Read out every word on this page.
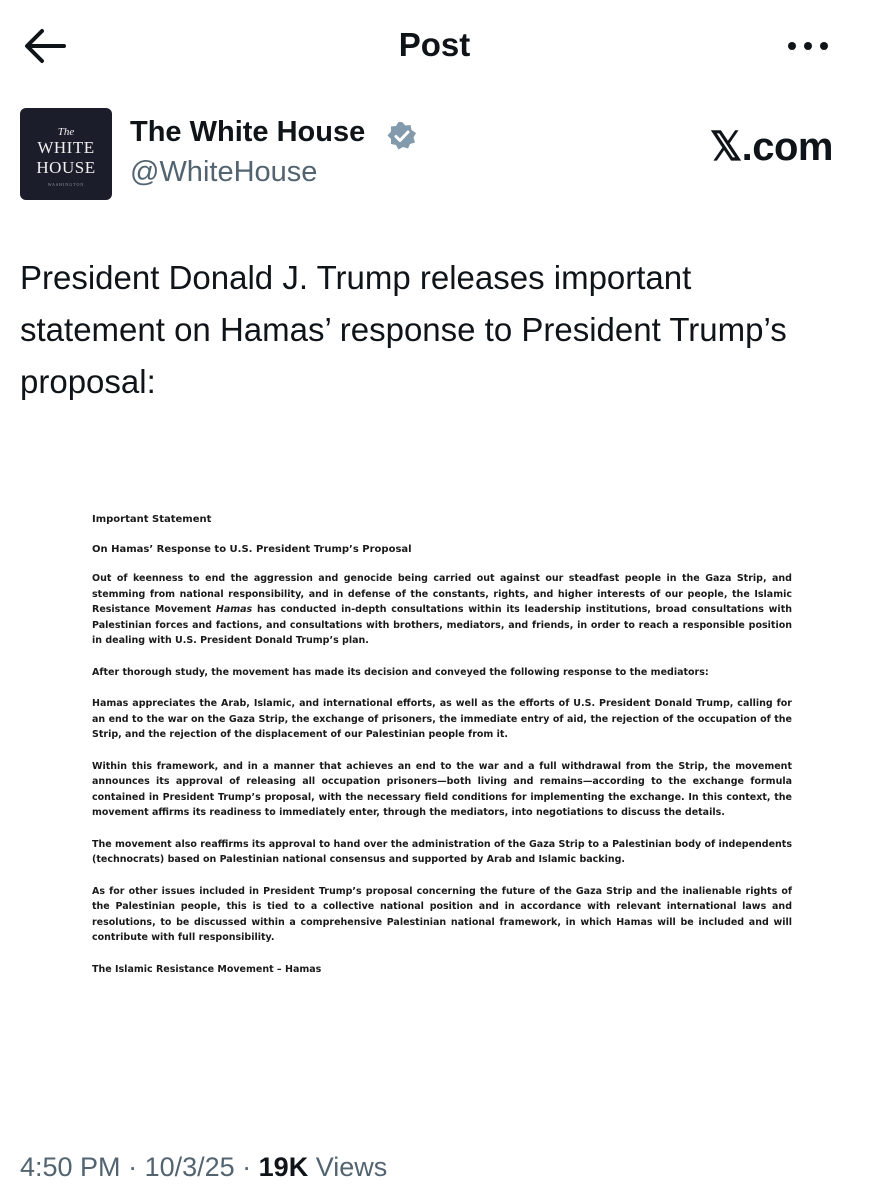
Post
The
WHITE
HOUSE
WASHINGTON
The White House
@WhiteHouse
𝕏.com

President Donald J. Trump releases important statement on Hamas’ response to President Trump’s proposal:

Important Statement

On Hamas’ Response to U.S. President Trump’s Proposal

Out of keenness to end the aggression and genocide being carried out against our steadfast people in the Gaza Strip, and stemming from national responsibility, and in defense of the constants, rights, and higher interests of our people, the Islamic Resistance Movement Hamas has conducted in-depth consultations within its leadership institutions, broad consultations with Palestinian forces and factions, and consultations with brothers, mediators, and friends, in order to reach a responsible position in dealing with U.S. President Donald Trump’s plan.

After thorough study, the movement has made its decision and conveyed the following response to the mediators:

Hamas appreciates the Arab, Islamic, and international efforts, as well as the efforts of U.S. President Donald Trump, calling for an end to the war on the Gaza Strip, the exchange of prisoners, the immediate entry of aid, the rejection of the occupation of the Strip, and the rejection of the displacement of our Palestinian people from it.

Within this framework, and in a manner that achieves an end to the war and a full withdrawal from the Strip, the movement announces its approval of releasing all occupation prisoners—both living and remains—according to the exchange formula contained in President Trump’s proposal, with the necessary field conditions for implementing the exchange. In this context, the movement affirms its readiness to immediately enter, through the mediators, into negotiations to discuss the details.

The movement also reaffirms its approval to hand over the administration of the Gaza Strip to a Palestinian body of independents (technocrats) based on Palestinian national consensus and supported by Arab and Islamic backing.

As for other issues included in President Trump’s proposal concerning the future of the Gaza Strip and the inalienable rights of the Palestinian people, this is tied to a collective national position and in accordance with relevant international laws and resolutions, to be discussed within a comprehensive Palestinian national framework, in which Hamas will be included and will contribute with full responsibility.

The Islamic Resistance Movement – Hamas

4:50 PM · 10/3/25 · 19K Views
